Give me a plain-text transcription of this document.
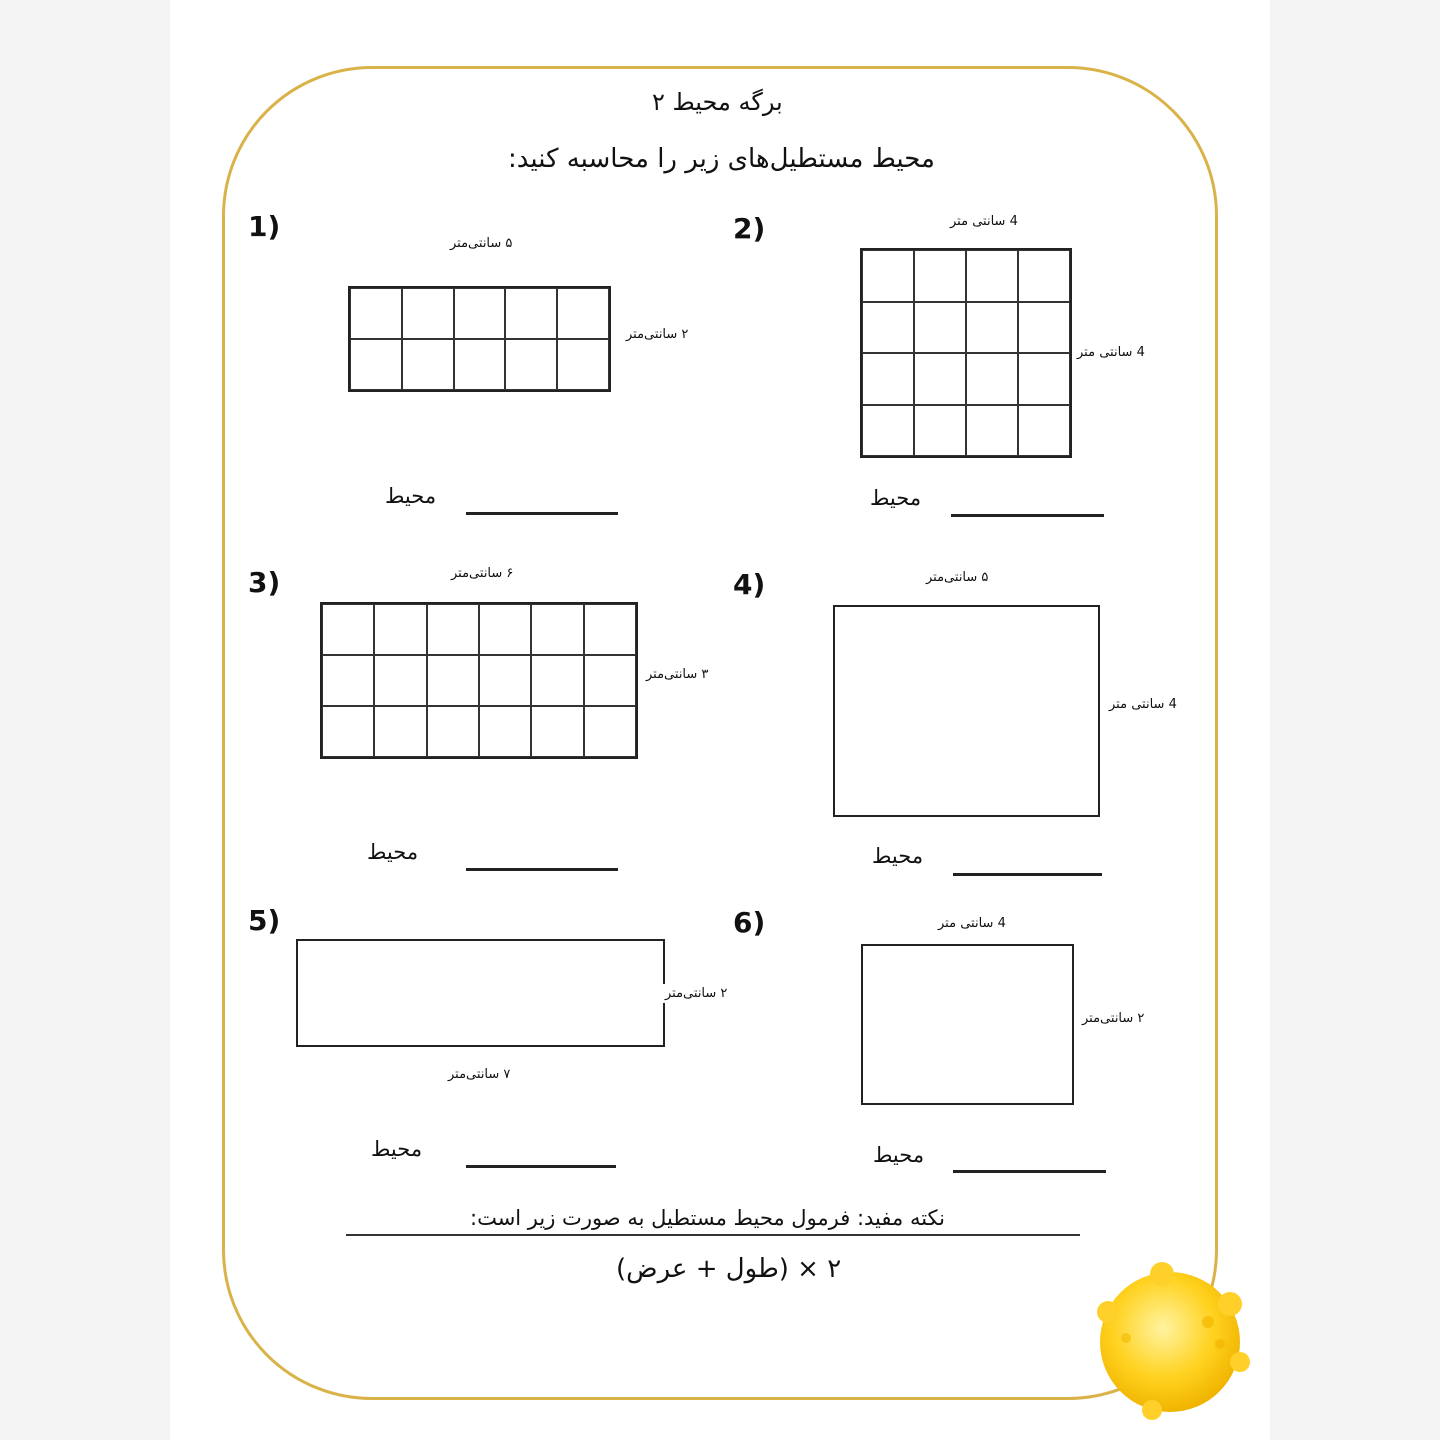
برگه محیط ۲
محیط مستطیل‌های زیر را محاسبه کنید:
1)
۵ سانتی‌متر
۲ سانتی‌متر
محیط
2)	4 سانتی متر
4 سانتی متر
محیط
3)	۶ سانتی‌متر
۳ سانتی‌متر
محیط
4)	۵ سانتی‌متر
4 سانتی متر
محیط
5)
۲ سانتی‌متر
۷ سانتی‌متر
محیط
6)	4 سانتی متر
۲ سانتی‌متر
محیط
نکته مفید: فرمول محیط مستطیل به صورت زیر است:
۲ × (طول + عرض)
